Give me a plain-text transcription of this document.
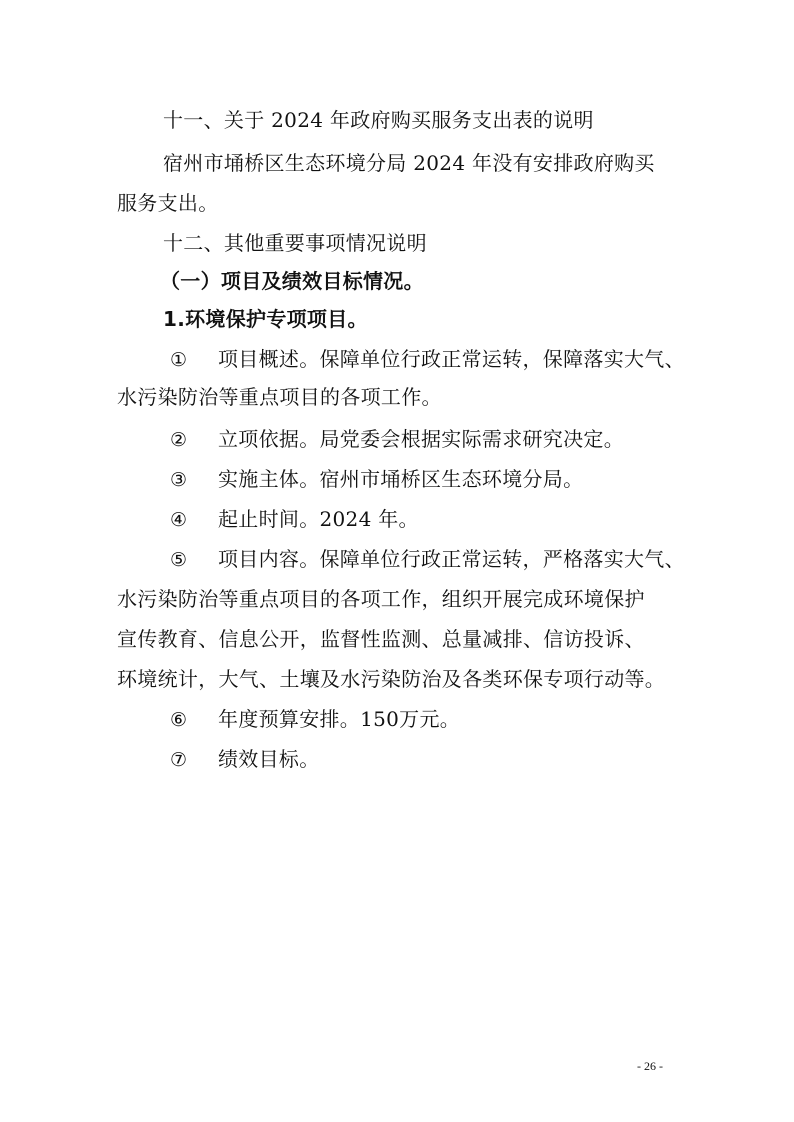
十一、关于 2024 年政府购买服务支出表的说明
宿州市埇桥区生态环境分局 2024 年没有安排政府购买
服务支出。
十二、其他重要事项情况说明
（一）项目及绩效目标情况。
1.环境保护专项项目。
① 项目概述。保障单位行政正常运转，保障落实大气、
水污染防治等重点项目的各项工作。
② 立项依据。局党委会根据实际需求研究决定。
③ 实施主体。宿州市埇桥区生态环境分局。
④ 起止时间。2024 年。
⑤ 项目内容。保障单位行政正常运转，严格落实大气、
水污染防治等重点项目的各项工作，组织开展完成环境保护
宣传教育、信息公开，监督性监测、总量减排、信访投诉、
环境统计，大气、土壤及水污染防治及各类环保专项行动等。
⑥ 年度预算安排。150万元。
⑦ 绩效目标。
- 26 -
